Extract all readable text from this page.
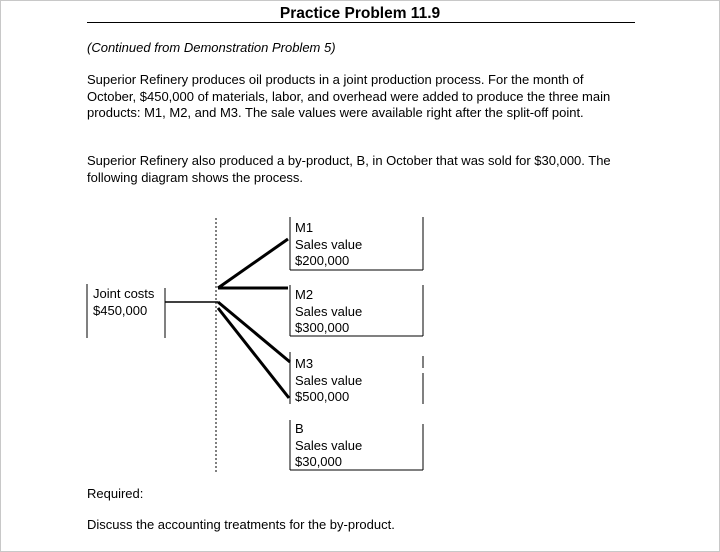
Practice Problem 11.9
(Continued from Demonstration Problem 5)
Superior Refinery produces oil products in a joint production process. For the month of October, $450,000 of materials, labor, and overhead were added to produce the three main products: M1, M2, and M3. The sale values were available right after the split-off point.
Superior Refinery also produced a by-product, B, in October that was sold for $30,000. The following diagram shows the process.
Joint costs
$450,000
M1
Sales value
$200,000
M2
Sales value
$300,000
M3
Sales value
$500,000
B
Sales value
$30,000
Required:
Discuss the accounting treatments for the by-product.
